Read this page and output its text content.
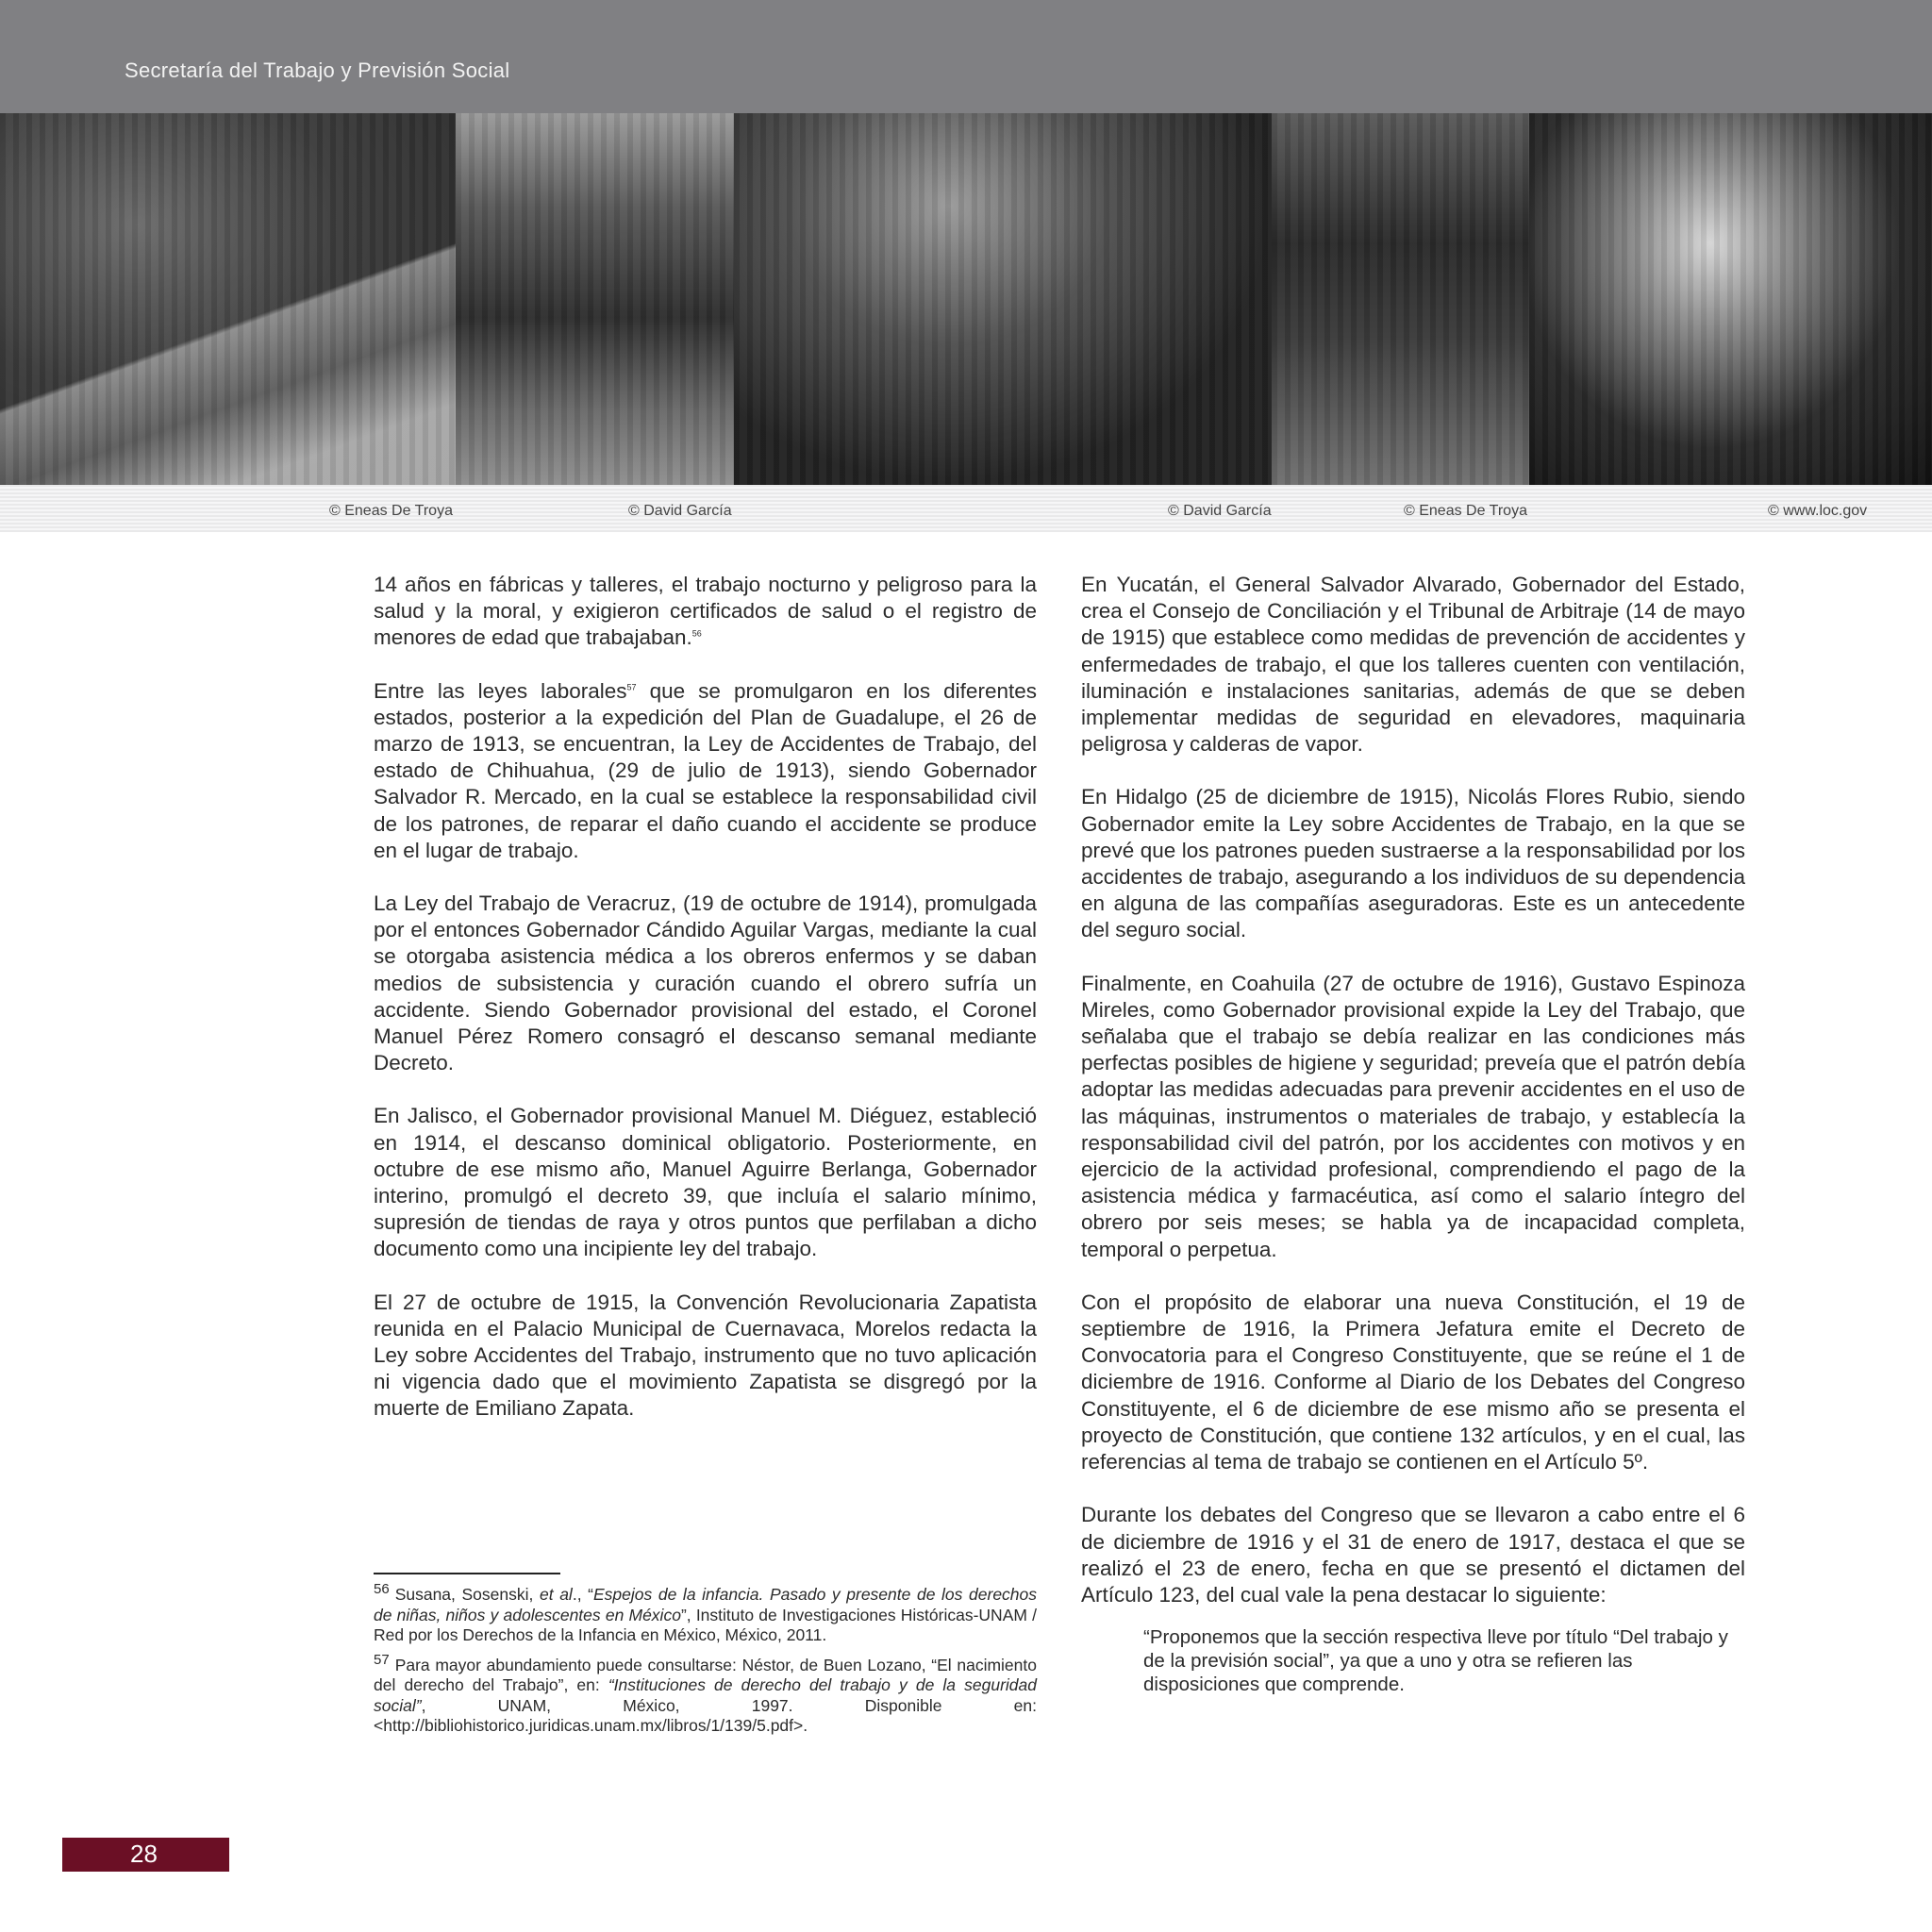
Secretaría del Trabajo y Previsión Social
© Eneas De Troya	© David García	© David García	© Eneas De Troya	© www.loc.gov

14 años en fábricas y talleres, el trabajo nocturno y peligroso para la salud y la moral, y exigieron certificados de salud o el registro de menores de edad que trabajaban.$^{56}$

Entre las leyes laborales$^{57}$ que se promulgaron en los diferentes estados, posterior a la expedición del Plan de Guadalupe, el 26 de marzo de 1913, se encuentran, la Ley de Accidentes de Trabajo, del estado de Chihuahua, (29 de julio de 1913), siendo Gobernador Salvador R. Mercado, en la cual se establece la responsabilidad civil de los patrones, de reparar el daño cuando el accidente se produce en el lugar de trabajo.

La Ley del Trabajo de Veracruz, (19 de octubre de 1914), promulgada por el entonces Gobernador Cándido Aguilar Vargas, mediante la cual se otorgaba asistencia médica a los obreros enfermos y se daban medios de subsistencia y curación cuando el obrero sufría un accidente. Siendo Gobernador provisional del estado, el Coronel Manuel Pérez Romero consagró el descanso semanal mediante Decreto.

En Jalisco, el Gobernador provisional Manuel M. Diéguez, estableció en 1914, el descanso dominical obligatorio. Posteriormente, en octubre de ese mismo año, Manuel Aguirre Berlanga, Gobernador interino, promulgó el decreto 39, que incluía el salario mínimo, supresión de tiendas de raya y otros puntos que perfilaban a dicho documento como una incipiente ley del trabajo.

El 27 de octubre de 1915, la Convención Revolucionaria Zapatista reunida en el Palacio Municipal de Cuernavaca, Morelos redacta la Ley sobre Accidentes del Trabajo, instrumento que no tuvo aplicación ni vigencia dado que el movimiento Zapatista se disgregó por la muerte de Emiliano Zapata.

En Yucatán, el General Salvador Alvarado, Gobernador del Estado, crea el Consejo de Conciliación y el Tribunal de Arbitraje (14 de mayo de 1915) que establece como medidas de prevención de accidentes y enfermedades de trabajo, el que los talleres cuenten con ventilación, iluminación e instalaciones sanitarias, además de que se deben implementar medidas de seguridad en elevadores, maquinaria peligrosa y calderas de vapor.

En Hidalgo (25 de diciembre de 1915), Nicolás Flores Rubio, siendo Gobernador emite la Ley sobre Accidentes de Trabajo, en la que se prevé que los patrones pueden sustraerse a la responsabilidad por los accidentes de trabajo, asegurando a los individuos de su dependencia en alguna de las compañías aseguradoras. Este es un antecedente del seguro social.

Finalmente, en Coahuila (27 de octubre de 1916), Gustavo Espinoza Mireles, como Gobernador provisional expide la Ley del Trabajo, que señalaba que el trabajo se debía realizar en las condiciones más perfectas posibles de higiene y seguridad; preveía que el patrón debía adoptar las medidas adecuadas para prevenir accidentes en el uso de las máquinas, instrumentos o materiales de trabajo, y establecía la responsabilidad civil del patrón, por los accidentes con motivos y en ejercicio de la actividad profesional, comprendiendo el pago de la asistencia médica y farmacéutica, así como el salario íntegro del obrero por seis meses; se habla ya de incapacidad completa, temporal o perpetua.

Con el propósito de elaborar una nueva Constitución, el 19 de septiembre de 1916, la Primera Jefatura emite el Decreto de Convocatoria para el Congreso Constituyente, que se reúne el 1 de diciembre de 1916. Conforme al Diario de los Debates del Congreso Constituyente, el 6 de diciembre de ese mismo año se presenta el proyecto de Constitución, que contiene 132 artículos, y en el cual, las referencias al tema de trabajo se contienen en el Artículo 5º.

Durante los debates del Congreso que se llevaron a cabo entre el 6 de diciembre de 1916 y el 31 de enero de 1917, destaca el que se realizó el 23 de enero, fecha en que se presentó el dictamen del Artículo 123, del cual vale la pena destacar lo siguiente:

“Proponemos que la sección respectiva lleve por título “Del trabajo y de la previsión social”, ya que a uno y otra se refieren las disposiciones que comprende.

56 Susana, Sosenski, et al., “Espejos de la infancia. Pasado y presente de los derechos de niñas, niños y adolescentes en México”, Instituto de Investigaciones Históricas-UNAM / Red por los Derechos de la Infancia en México, México, 2011.

57 Para mayor abundamiento puede consultarse: Néstor, de Buen Lozano, “El nacimiento del derecho del Trabajo”, en: “Instituciones de derecho del trabajo y de la seguridad social”, UNAM, México, 1997. Disponible en: <http://bibliohistorico.juridicas.unam.mx/libros/1/139/5.pdf>.

28
